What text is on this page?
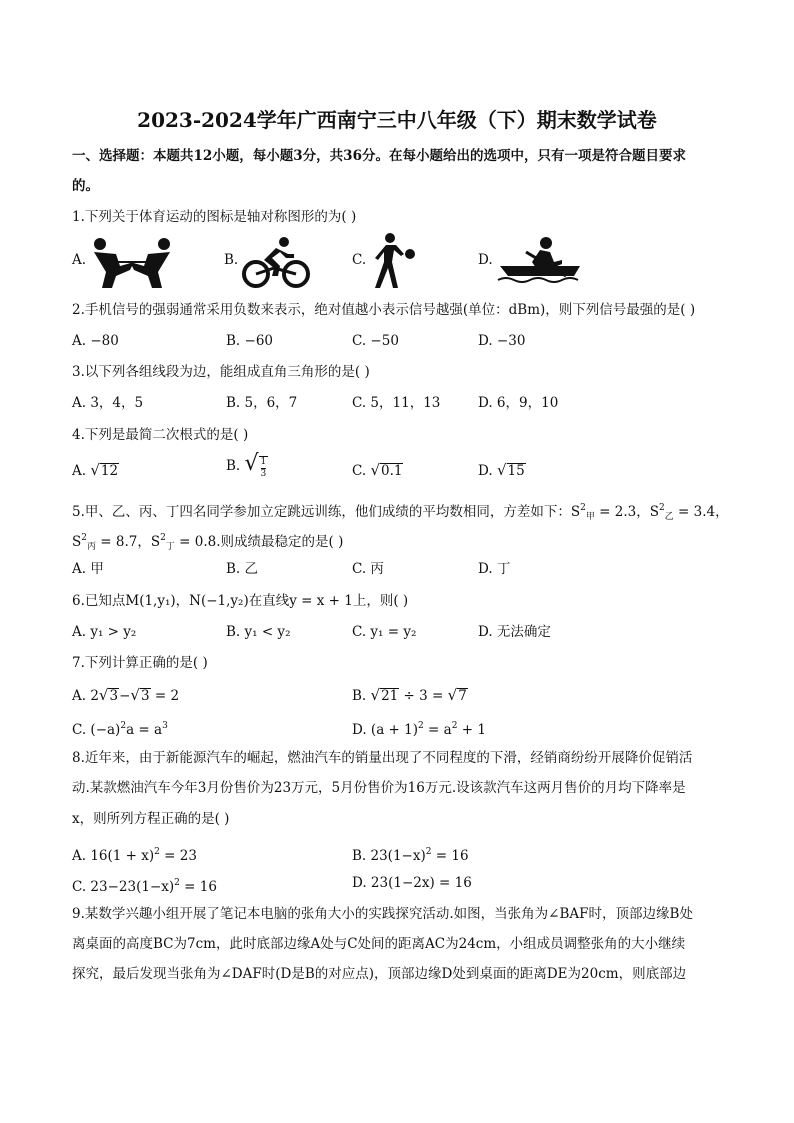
2023-2024学年广西南宁三中八年级（下）期末数学试卷
一、选择题：本题共12小题，每小题3分，共36分。在每小题给出的选项中，只有一项是符合题目要求
的。
1.下列关于体育运动的图标是轴对称图形的为( )
A.	B.	C.	D.
2.手机信号的强弱通常采用负数来表示，绝对值越小表示信号越强(单位：dBm)，则下列信号最强的是( )
A. −80	B. −60	C. −50	D. −30
3.以下列各组线段为边，能组成直角三角形的是( )
A. 3，4，5	B. 5，6，7	C. 5，11，13	D. 6，9，10
4.下列是最简二次根式的是( )
A. √12	B. √ $\frac{1}{3}$	C. √0.1	D. √15
5.甲、乙、丙、丁四名同学参加立定跳远训练，他们成绩的平均数相同，方差如下：$S^2_甲 = 2.3$，$S^2_乙 = 3.4$，
$S^2_丙 = 8.7$，$S^2_丁 = 0.8$.则成绩最稳定的是( )
A. 甲	B. 乙	C. 丙	D. 丁
6.已知点M(1,y₁)，N(−1,y₂)在直线y = x + 1上，则( )
A. y₁ > y₂	B. y₁ < y₂	C. y₁ = y₂	D. 无法确定
7.下列计算正确的是( )
A. 2√3−√3 = 2	B. √21 ÷ 3 = √7
C. $(-a)^2a = a^3$	D. $(a + 1)^2 = a^2 + 1$
8.近年来，由于新能源汽车的崛起，燃油汽车的销量出现了不同程度的下滑，经销商纷纷开展降价促销活
动.某款燃油汽车今年3月份售价为23万元，5月份售价为16万元.设该款汽车这两月售价的月均下降率是
x，则所列方程正确的是( )
A. $16(1 + x)^2 = 23$	B. $23(1-x)^2 = 16$
C. $23-23(1-x)^2 = 16$	D. 23(1−2x) = 16
9.某数学兴趣小组开展了笔记本电脑的张角大小的实践探究活动.如图，当张角为∠BAF时，顶部边缘B处
离桌面的高度BC为7cm，此时底部边缘A处与C处间的距离AC为24cm，小组成员调整张角的大小继续
探究，最后发现当张角为∠DAF时(D是B的对应点)，顶部边缘D处到桌面的距离DE为20cm，则底部边
